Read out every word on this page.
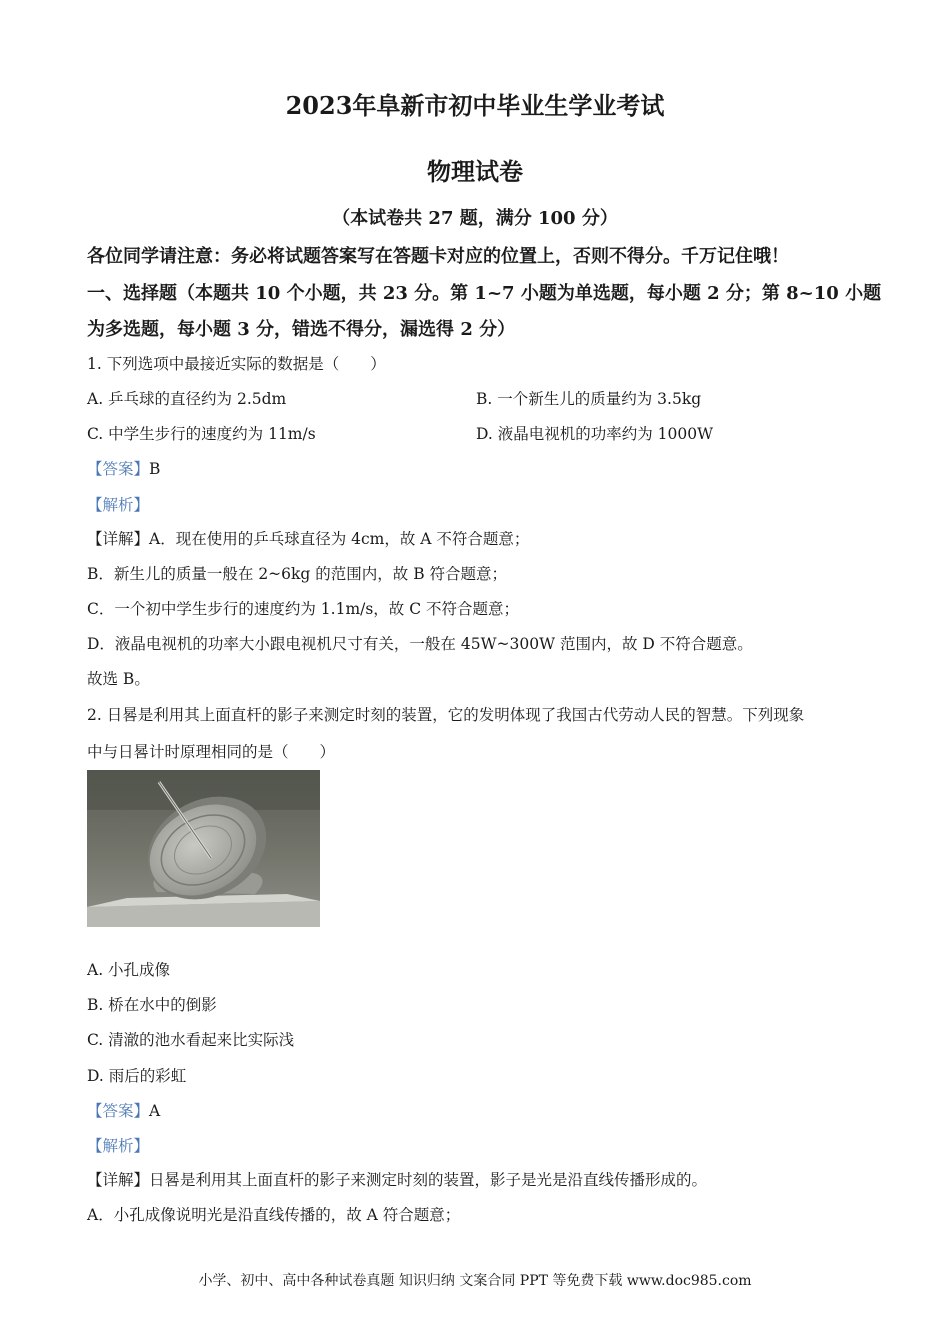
2023年阜新市初中毕业生学业考试
物理试卷
（本试卷共 27 题，满分 100 分）
各位同学请注意：务必将试题答案写在答题卡对应的位置上，否则不得分。千万记住哦！
一、选择题（本题共 10 个小题，共 23 分。第 1~7 小题为单选题，每小题 2 分；第 8~10 小题
为多选题，每小题 3 分，错选不得分，漏选得 2 分）
1. 下列选项中最接近实际的数据是（　　）
A. 乒乓球的直径约为 2.5dm	B. 一个新生儿的质量约为 3.5kg
C. 中学生步行的速度约为 11m/s	D. 液晶电视机的功率约为 1000W
【答案】B
【解析】
【详解】A．现在使用的乒乓球直径为 4cm，故 A 不符合题意；
B．新生儿的质量一般在 2~6kg 的范围内，故 B 符合题意；
C．一个初中学生步行的速度约为 1.1m/s，故 C 不符合题意；
D．液晶电视机的功率大小跟电视机尺寸有关，一般在 45W~300W 范围内，故 D 不符合题意。
故选 B。
2. 日晷是利用其上面直杆的影子来测定时刻的装置，它的发明体现了我国古代劳动人民的智慧。下列现象
中与日晷计时原理相同的是（　　）
A. 小孔成像
B. 桥在水中的倒影
C. 清澈的池水看起来比实际浅
D. 雨后的彩虹
【答案】A
【解析】
【详解】日晷是利用其上面直杆的影子来测定时刻的装置，影子是光是沿直线传播形成的。
A．小孔成像说明光是沿直线传播的，故 A 符合题意；
小学、初中、高中各种试卷真题 知识归纳 文案合同 PPT 等免费下载 www.doc985.com
